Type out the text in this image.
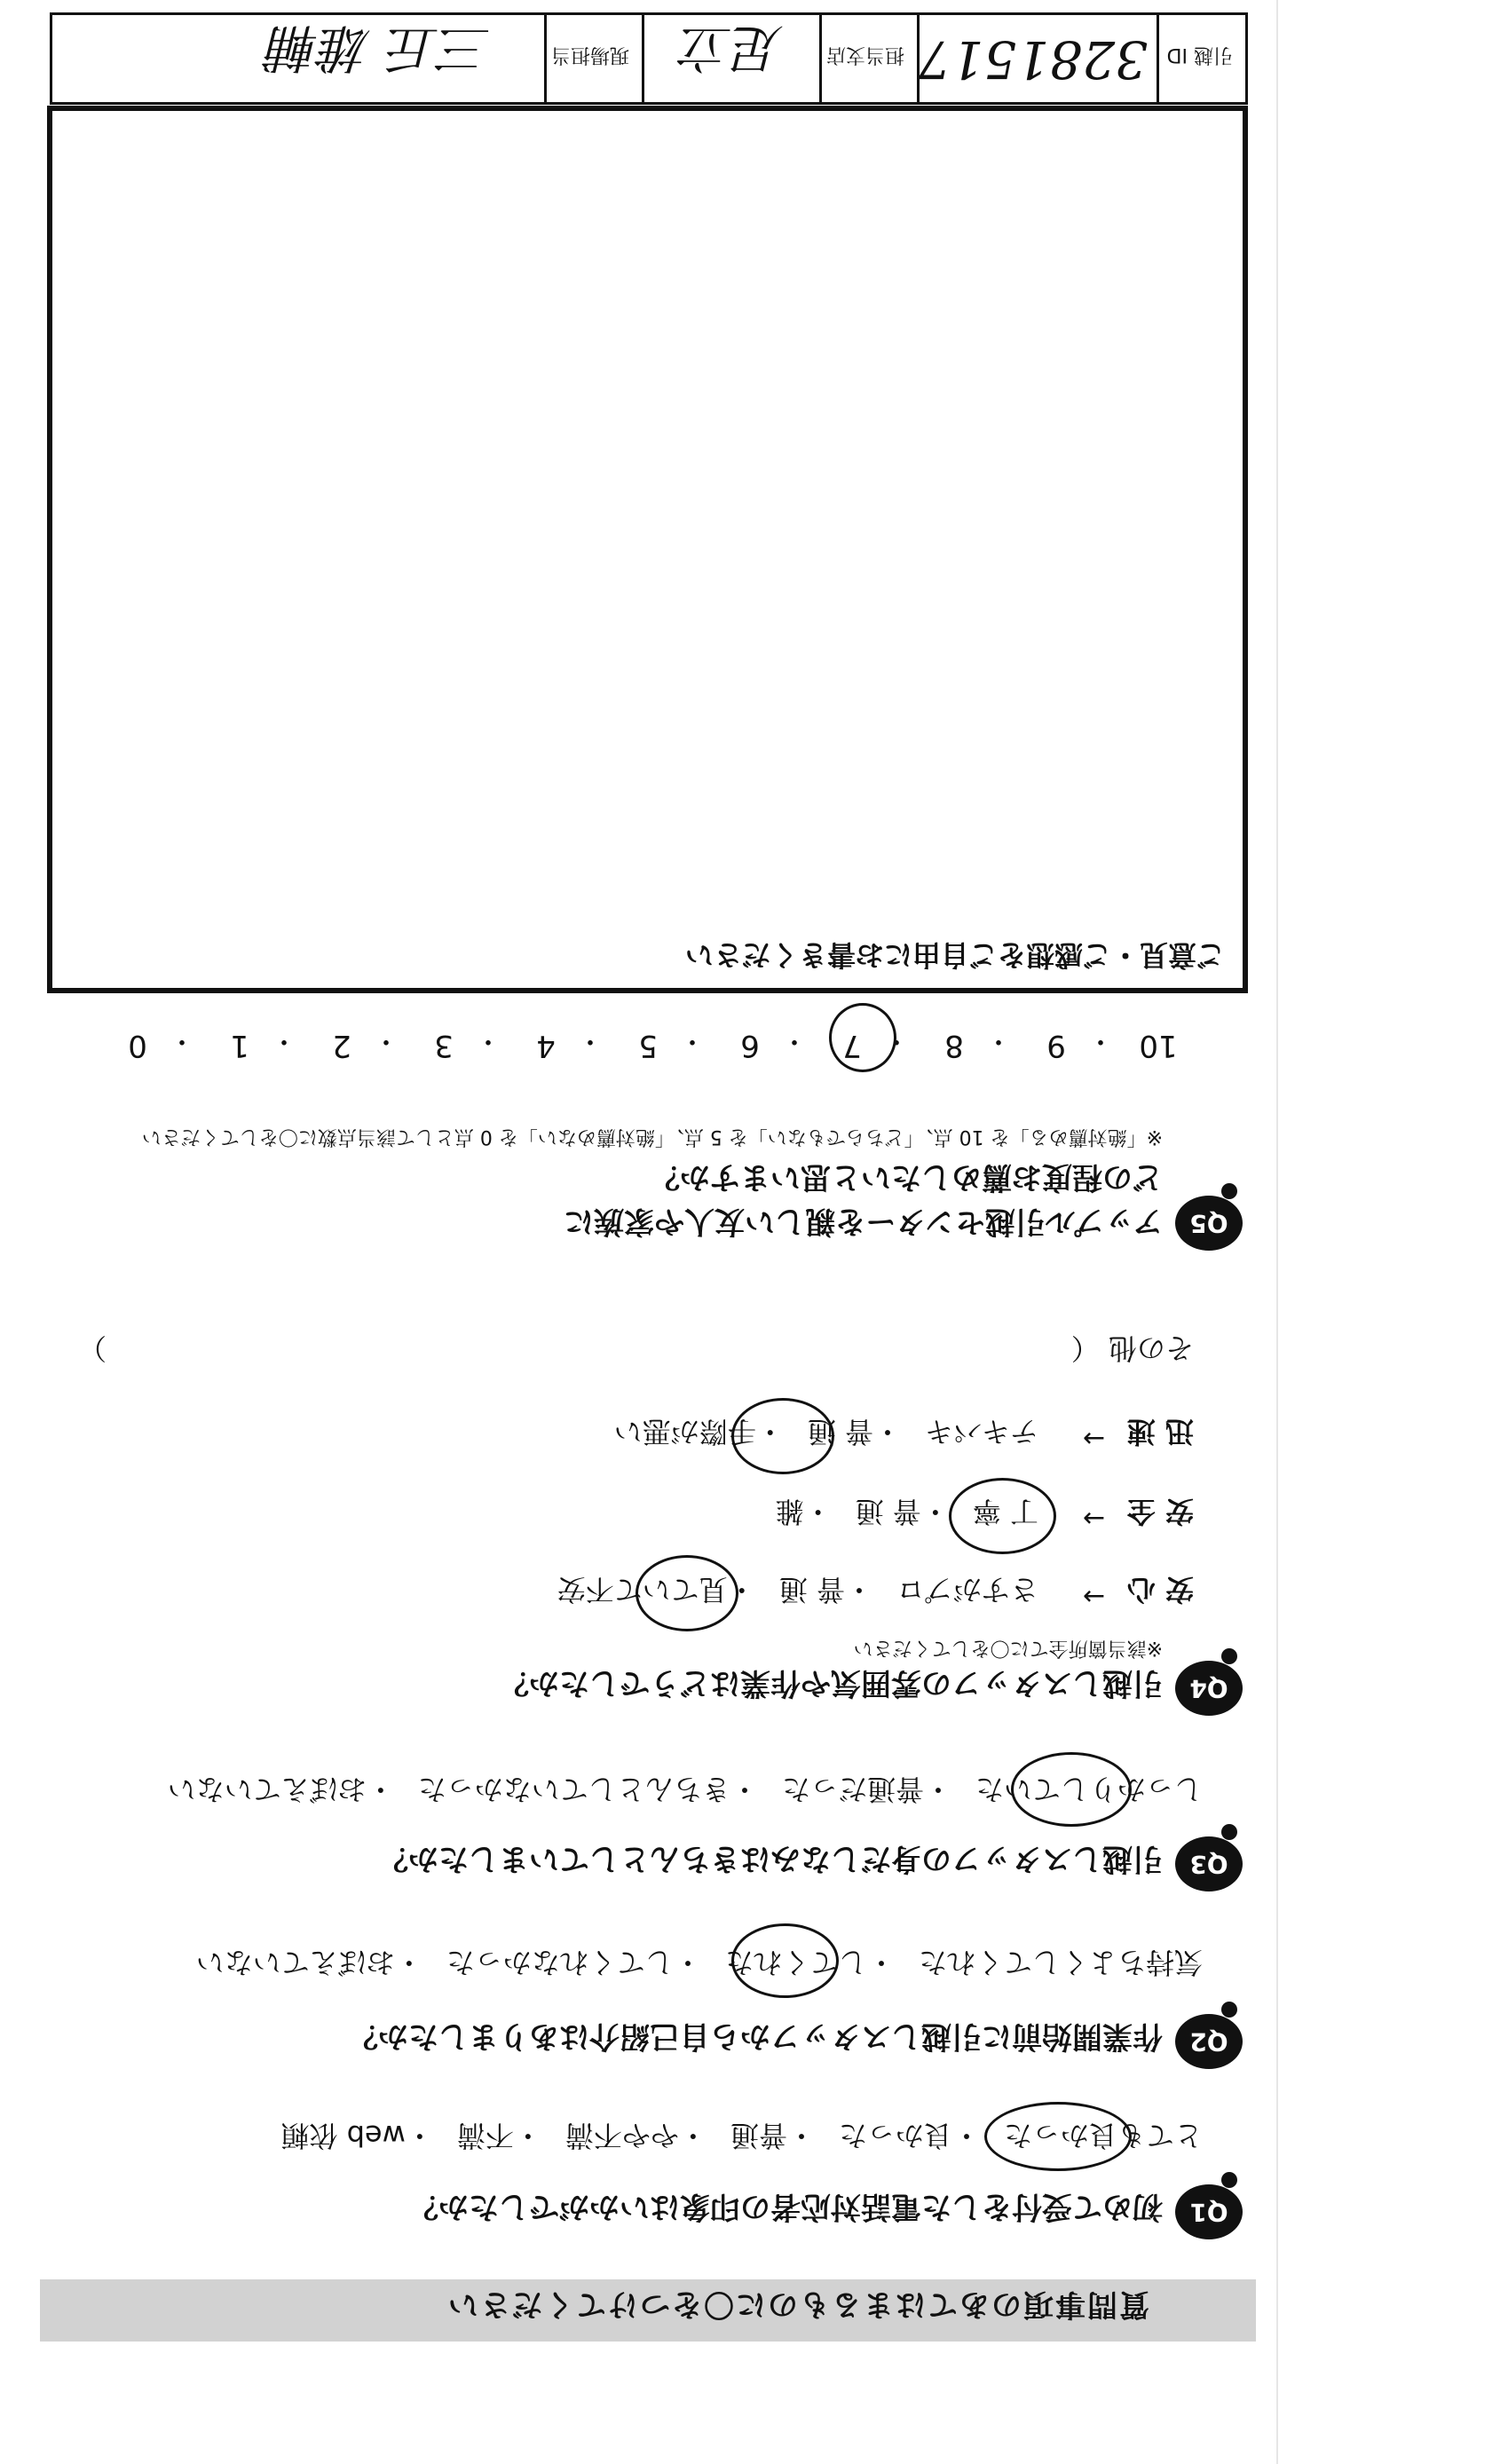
質問事項のあてはまるものに〇をつけてください
Q1
初めて受付をした電話対応者の印象はいかがでしたか？
とても良かった・良かった・普通・やや不満・不満・web 依頼
Q2
作業開始前に引越しスタッフから自己紹介はありましたか？
気持ちよくしてくれた・してくれた・してくれなかった・おぼえていない
Q3
引越しスタッフの身だしなみはきちんとしていましたか？
しっかりしていた・普通だった・きちんとしていなかった・おぼえていない
Q4
引越しスタッフの雰囲気や作業はどうでしたか？
※該当箇所全てに〇をしてください
安 心
→
さすがプロ・普 通・見ていて不安
安 全
→
丁 寧・普 通・雑
迅 速
→
テキパキ・普 通・手際が悪い
その他 （
）
Q5
アップル引越センターを親しい友人や家族に
どの程度お薦めしたいと思いますか？
※「絶対薦める」を 10 点、「どちらでもない」を 5 点、「絶対薦めない」を 0 点として該当点数に〇をしてください
10
・
9
・
8
・
7
・
6
・
5
・
4
・
3
・
2
・
1
・
0
ご意見・ご感想をご自由にお書きください
引越 ID
3281517
担当支店
足立
現場担当
三丘 雄輔
